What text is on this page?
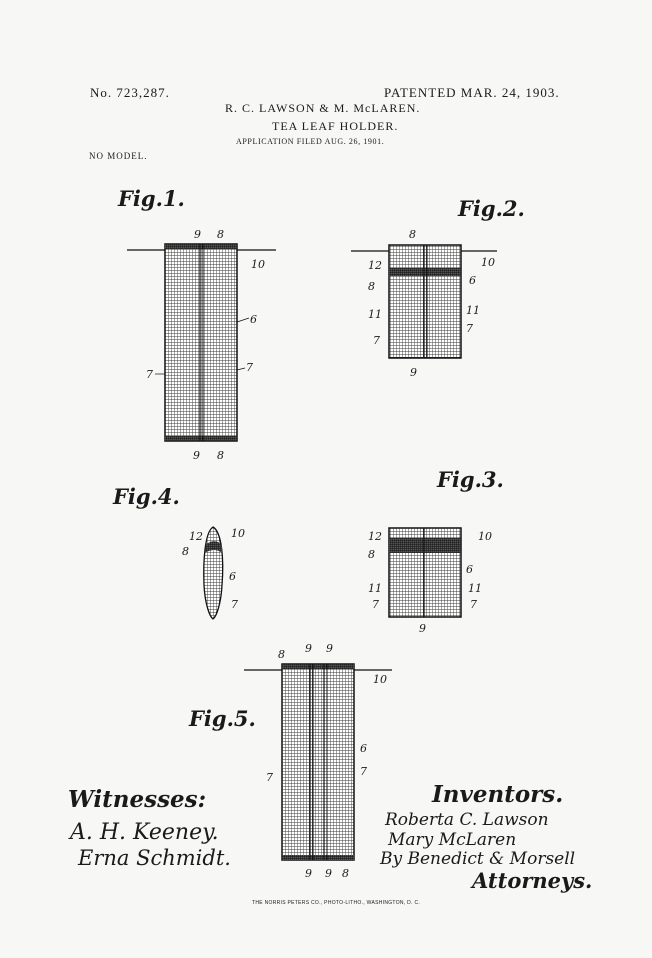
No. 723,287.	PATENTED MAR. 24, 1903.
R. C. LAWSON & M. McLAREN.
TEA LEAF HOLDER.
APPLICATION FILED AUG. 26, 1901.
NO MODEL.
Fig.1.	Fig.2.
Fig.3.
Fig.4.
Fig.5.
9 8
10
6
7
7
9 8
8
10
12
6
8
11	11
7
7
9
12	10
8
6
11	11
7	7
9
12	10
8
6
7
8 9 9
10
6
7
7
9 9 8
Witnesses:
A. H. Keeney.
Erna Schmidt.
Inventors.
Roberta C. Lawson
Mary McLaren
By Benedict & Morsell
Attorneys.
THE NORRIS PETERS CO., PHOTO-LITHO., WASHINGTON, D. C.
